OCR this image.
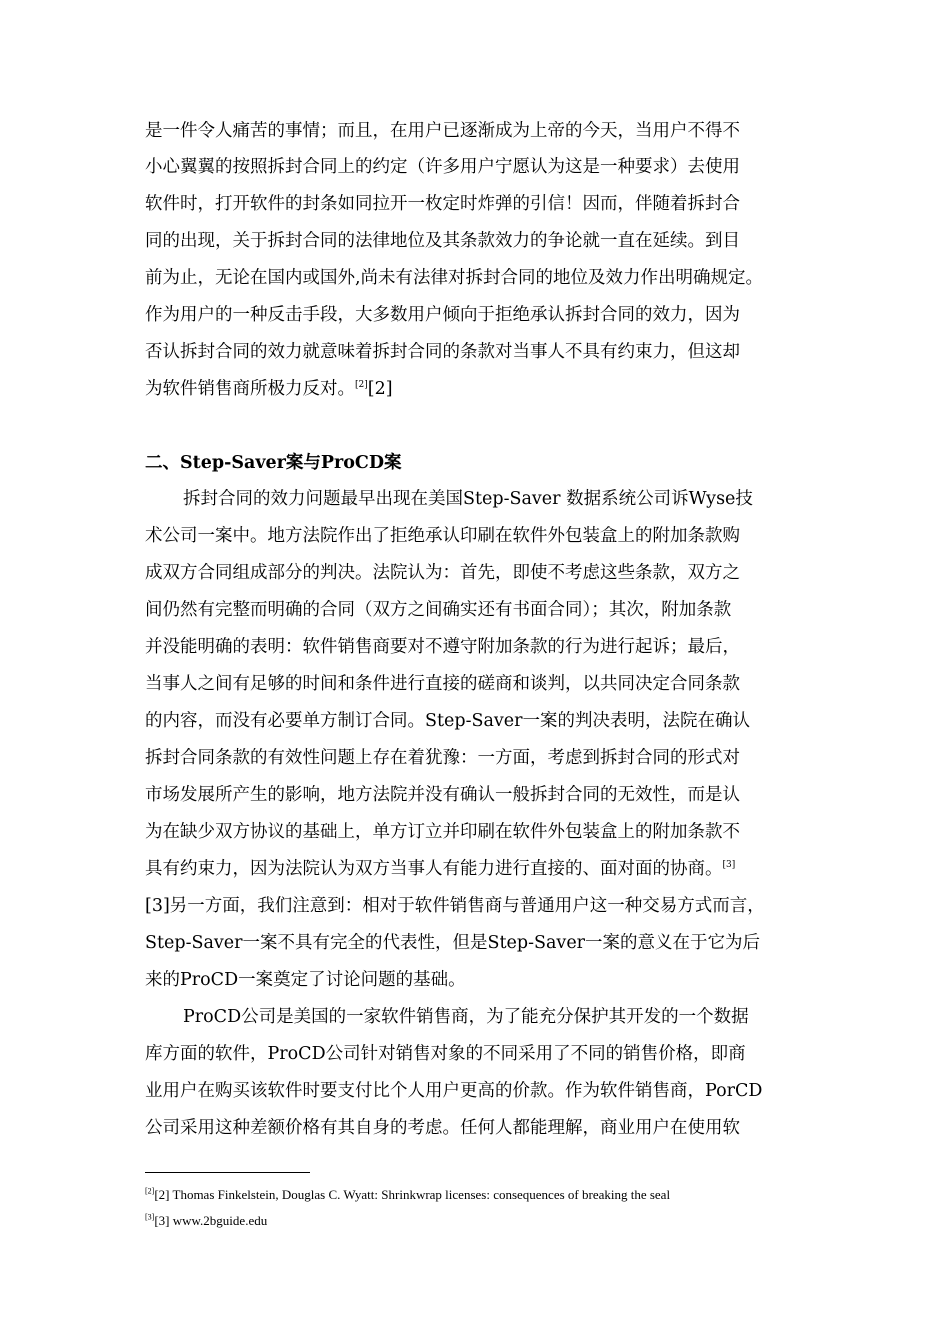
是一件令人痛苦的事情；而且，在用户已逐渐成为上帝的今天，当用户不得不
小心翼翼的按照拆封合同上的约定（许多用户宁愿认为这是一种要求）去使用
软件时，打开软件的封条如同拉开一枚定时炸弹的引信！因而，伴随着拆封合
同的出现，关于拆封合同的法律地位及其条款效力的争论就一直在延续。到目
前为止，无论在国内或国外,尚未有法律对拆封合同的地位及效力作出明确规定。
作为用户的一种反击手段，大多数用户倾向于拒绝承认拆封合同的效力，因为
否认拆封合同的效力就意味着拆封合同的条款对当事人不具有约束力，但这却
为软件销售商所极力反对。[2][2]
二、Step-Saver案与ProCD案
拆封合同的效力问题最早出现在美国Step-Saver 数据系统公司诉Wyse技
术公司一案中。地方法院作出了拒绝承认印刷在软件外包装盒上的附加条款购
成双方合同组成部分的判决。法院认为：首先，即使不考虑这些条款，双方之
间仍然有完整而明确的合同（双方之间确实还有书面合同）；其次，附加条款
并没能明确的表明：软件销售商要对不遵守附加条款的行为进行起诉；最后，
当事人之间有足够的时间和条件进行直接的磋商和谈判，以共同决定合同条款
的内容，而没有必要单方制订合同。Step-Saver一案的判决表明，法院在确认
拆封合同条款的有效性问题上存在着犹豫：一方面，考虑到拆封合同的形式对
市场发展所产生的影响，地方法院并没有确认一般拆封合同的无效性，而是认
为在缺少双方协议的基础上，单方订立并印刷在软件外包装盒上的附加条款不
具有约束力，因为法院认为双方当事人有能力进行直接的、面对面的协商。[3]
[3]另一方面，我们注意到：相对于软件销售商与普通用户这一种交易方式而言，
Step-Saver一案不具有完全的代表性，但是Step-Saver一案的意义在于它为后
来的ProCD一案奠定了讨论问题的基础。
ProCD公司是美国的一家软件销售商，为了能充分保护其开发的一个数据
库方面的软件，ProCD公司针对销售对象的不同采用了不同的销售价格，即商
业用户在购买该软件时要支付比个人用户更高的价款。作为软件销售商，PorCD
公司采用这种差额价格有其自身的考虑。任何人都能理解，商业用户在使用软
[2][2] Thomas Finkelstein, Douglas C. Wyatt: Shrinkwrap licenses: consequences of breaking the seal
[3][3] www.2bguide.edu
